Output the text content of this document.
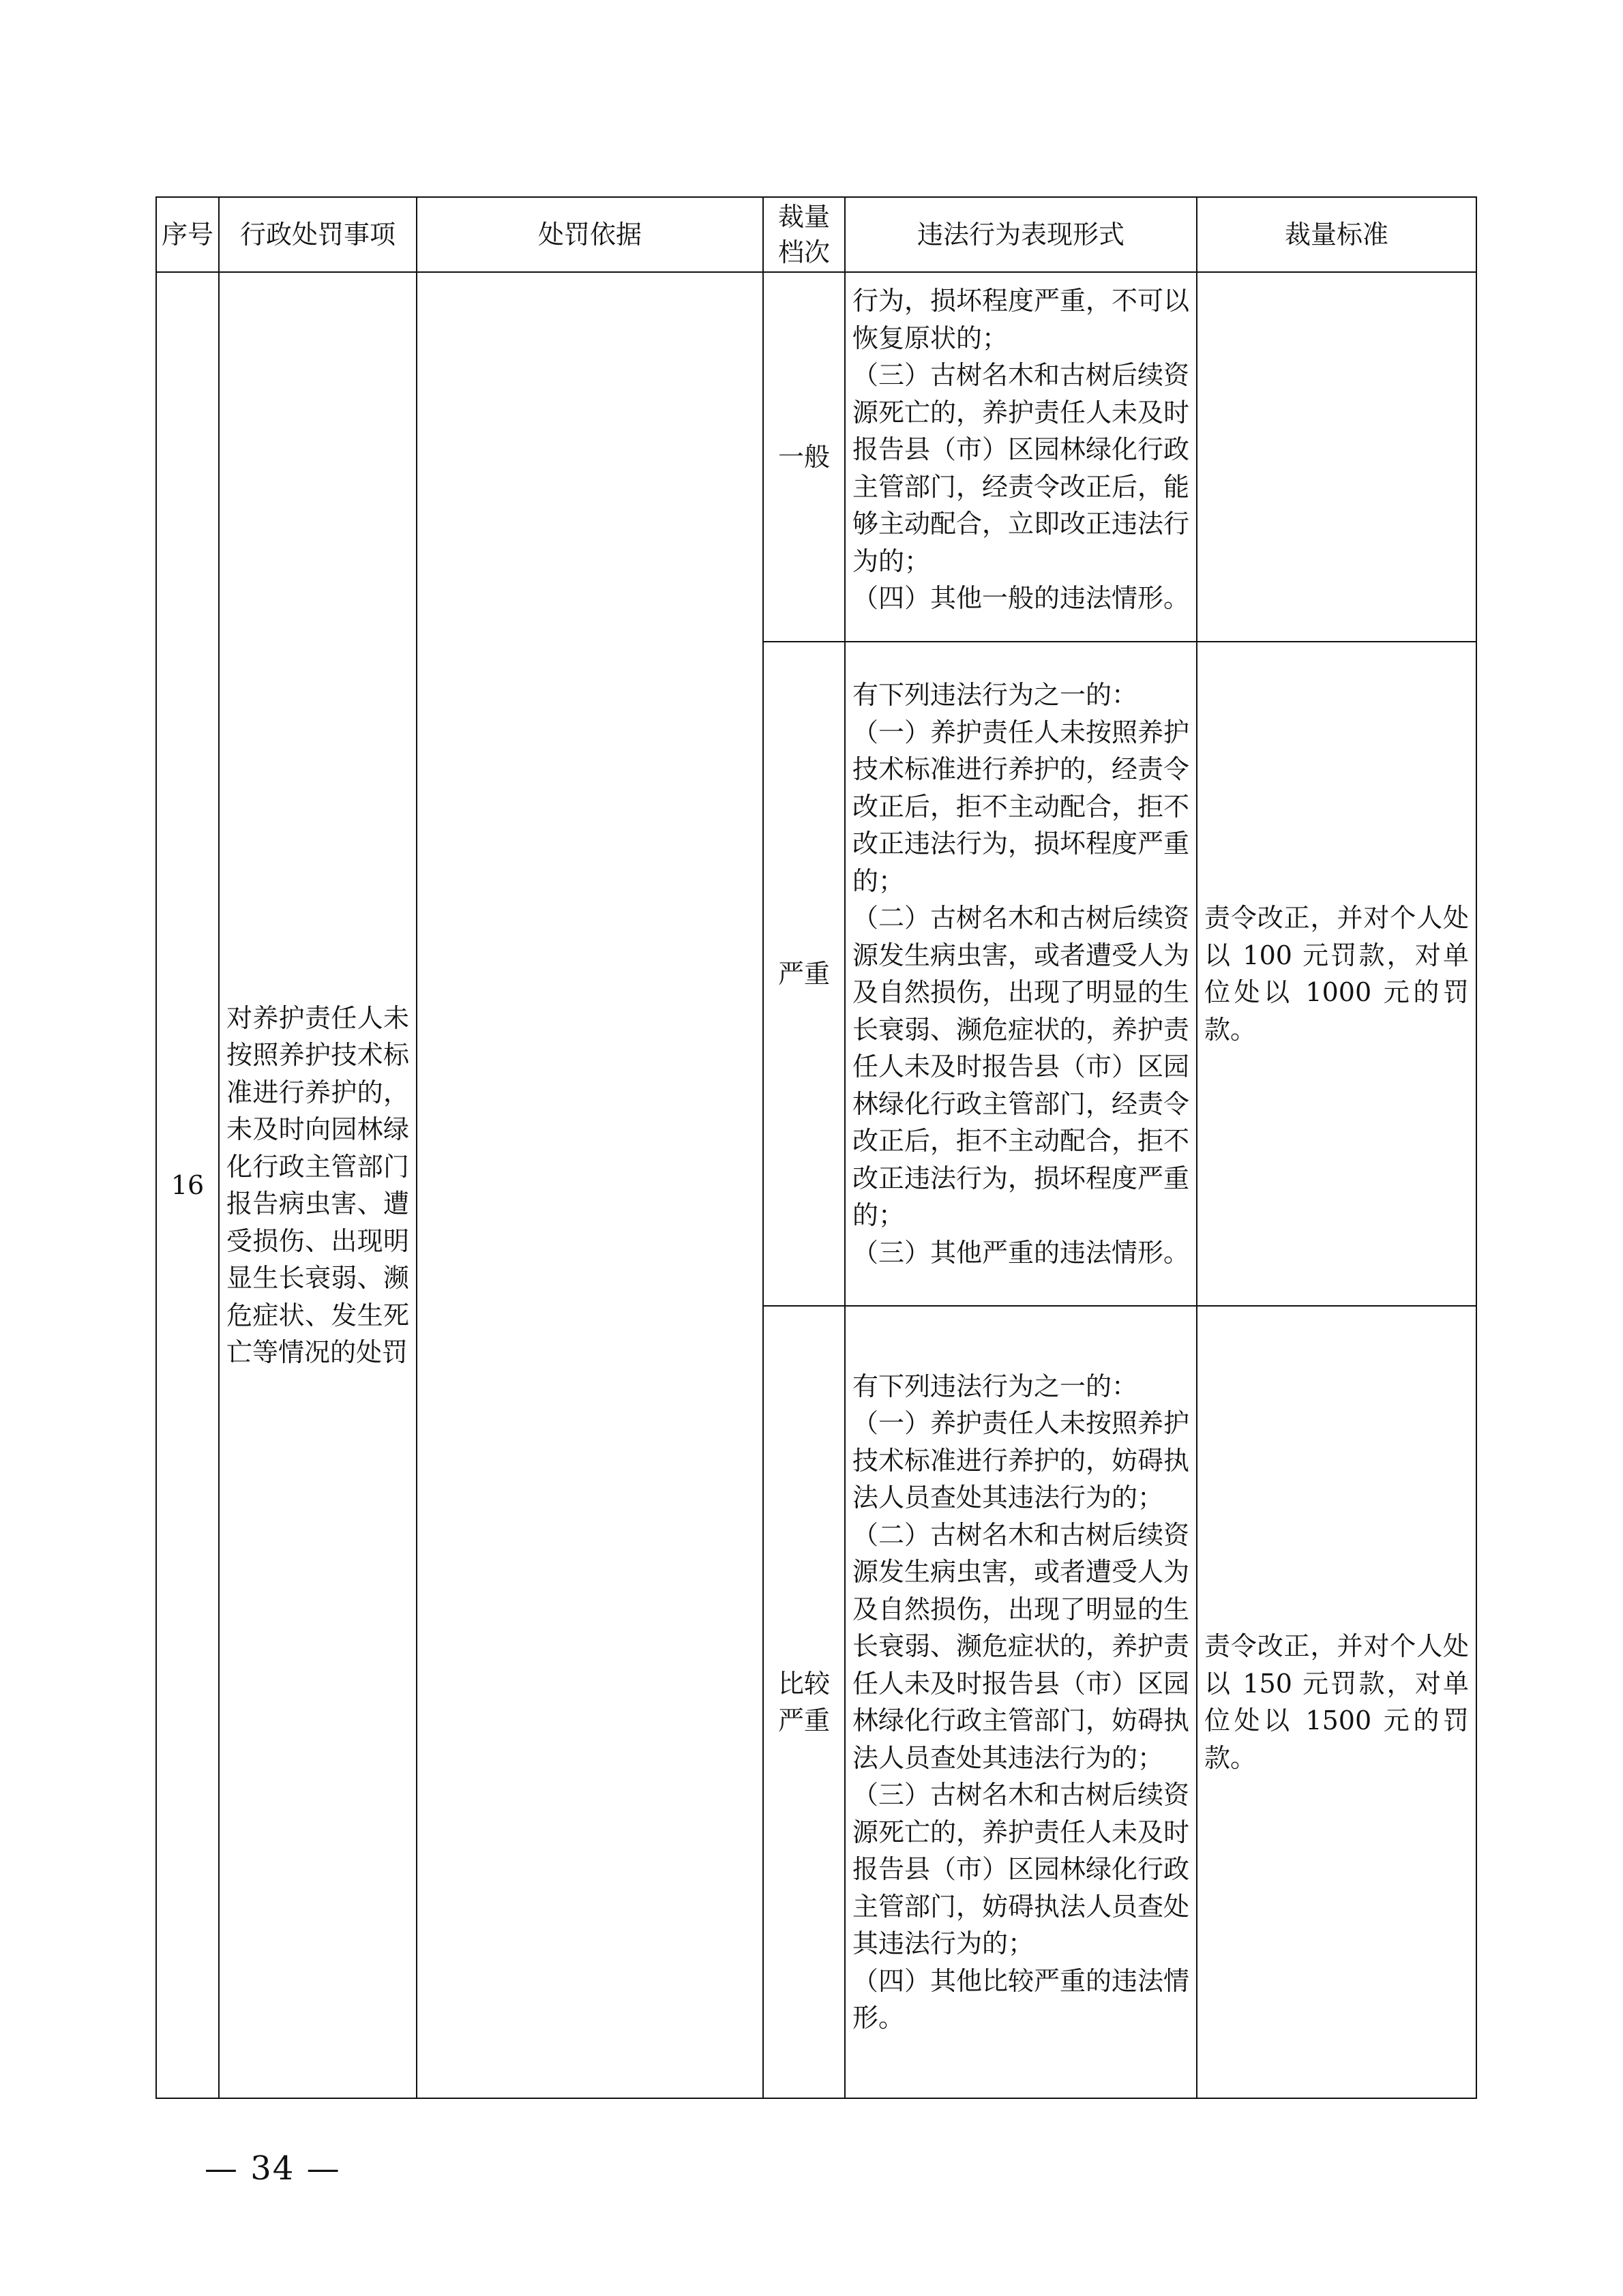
序号	行政处罚事项	处罚依据	裁量档次	违法行为表现形式	裁量标准
16	对养护责任人未按照养护技术标准进行养护的，未及时向园林绿化行政主管部门报告病虫害、遭受损伤、出现明显生长衰弱、濒危症状、发生死亡等情况的处罚		一般	行为，损坏程度严重，不可以恢复原状的；

（三）古树名木和古树后续资源死亡的，养护责任人未及时报告县（市）区园林绿化行政主管部门，经责令改正后，能够主动配合，立即改正违法行为的；

（四）其他一般的违法情形。	

			严重	有下列违法行为之一的：

（一）养护责任人未按照养护技术标准进行养护的，经责令改正后，拒不主动配合，拒不改正违法行为，损坏程度严重的；

（二）古树名木和古树后续资源发生病虫害，或者遭受人为及自然损伤，出现了明显的生长衰弱、濒危症状的，养护责任人未及时报告县（市）区园林绿化行政主管部门，经责令改正后，拒不主动配合，拒不改正违法行为，损坏程度严重的；

（三）其他严重的违法情形。	责令改正，并对个人处以 100 元罚款，对单位处以 1000 元的罚款。

			比较严重	有下列违法行为之一的：

（一）养护责任人未按照养护技术标准进行养护的，妨碍执法人员查处其违法行为的；

（二）古树名木和古树后续资源发生病虫害，或者遭受人为及自然损伤，出现了明显的生长衰弱、濒危症状的，养护责任人未及时报告县（市）区园林绿化行政主管部门，妨碍执法人员查处其违法行为的；

（三）古树名木和古树后续资源死亡的，养护责任人未及时报告县（市）区园林绿化行政主管部门，妨碍执法人员查处其违法行为的；

（四）其他比较严重的违法情形。	责令改正，并对个人处以 150 元罚款，对单位处以 1500 元的罚款。

— 34 —
